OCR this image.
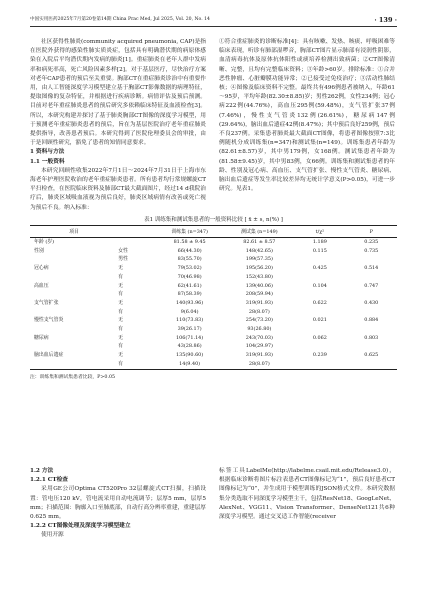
中国实用医药2025年7月第20卷第14期 China Prac Med, Jul 2025, Vol. 20, No. 14	· 139 ·

社区获得性肺炎(community acquired pneumonia, CAP)是指在医院外获得的感染性肺实质炎症，包括具有明确潜伏期的病原体感染在入院后平均潜伏期内发病的肺炎[1]。重症肺炎在老年人群中发病率和病死率高，死亡风险因素多样[2]。对于基层医疗，尽快治疗方案对老年CAP患者的预后至关重要。胸部CT在重症肺炎诊治中有重要作用，由人工智能深度学习模型建立基于胸部CT影像数据的病理特征，提取图像的复杂特征，并根据进行疾病诊断。病情评估及预后预测。目前对老年重症肺炎患者的预后研究多依赖临床特征及血液检查[3]。所以，本研究构建并探讨了基于肺炎胸部CT图像的深度学习模型，用于预测老年重症肺炎患者的预后，旨在为基层医院治疗老年重症肺炎提供指导，改善患者预后。本研究得到了医院伦理委员会的审批，由于是回顾性研究，豁免了患者的知情同意要求。

1 资料与方法

1.1 一般资料

本研究回顾性收集2022年7月1日～2024年7月31日于上海市东海老年护理医院收治的老年重症肺炎患者。所有患者均行常规螺旋CT平扫检查，在医院临床资料及肺部CT最大截面图片，经过14 d我院治疗后，肺炎区域吸血液视为预后良好，肺炎区域病情有改善或死亡视为预后不良。纳入标准：

①符合重症肺炎的诊断标准[4]：具有咳嗽、发热、咳痰、呼吸困难等临床表现，听诊有肺部湿啰音，胸部CT图片显示肺部有浸润性阴影，血清病毒抗体及原体抗体阳性或痰培养检测出致病菌；②CT图像清晰、完整，且均有完整临床资料；③年龄>60岁。排除标准：①合并恶性肿瘤、心脏瓣膜功能异常；②已接受过免疫治疗；③活动性肺结核；④图像及临床资料不完整。最终共有496例患者被纳入，年龄61～95岁，平均年龄(82.30±8.85)岁；男性262例，女性234例；冠心病222例(44.76%)，高血压295例(59.48%)，支气管扩张37例(7.46%)，慢性支气管炎132例(26.61%)，糖尿病147例(29.64%)，脑出血后遗症42例(8.47%)；其中预后良好259例，预后不良237例。采集患者肺炎最大截面CT图像，将患者图像按照7:3比例随机分成训练集(n=347)和测试集(n=149)。训练集患者年龄为(82.61±8.57)岁，其中男179例，女168例。测试集患者年龄为(81.58±9.45)岁，其中男83例，女66例。训练集和测试集患者的年龄、性别及冠心病、高血压、支气管扩张、慢性支气管炎、糖尿病、脑出血后遗症等发生率比较差异均无统计学意义(P>0.05)，可进一步研究。见表1。

表1 训练集和测试集患者的一般资料比较 [ x̄ ± s, n(%) ]
项目		训练集 (n=347)	测试集 (n=149)	t/χ²	P
年龄 (岁)		81.58 ± 9.45	82.61 ± 8.57	1.189	0.235
性别	女性	66(44.30)	148(42.65)	0.115	0.735
	男性	83(55.70)	199(57.35)		
冠心病	无	79(53.02)	195(56.20)	0.425	0.514
	有	70(46.98)	152(43.80)		
高血压	无	62(41.61)	139(40.06)	0.104	0.747
	有	87(58.39)	208(59.94)		
支气管扩张	无	140(93.96)	319(91.93)	0.622	0.430
	有	9(6.04)	28(8.07)		
慢性支气管炎	无	110(73.83)	254(73.20)	0.021	0.884
	有	39(26.17)	93(26.80)		
糖尿病	无	106(71.14)	243(70.03)	0.062	0.803
	有	43(28.86)	104(29.97)		
脑出血后遗症	无	135(90.60)	319(91.93)	0.239	0.625
	有	14(9.40)	28(8.07)		
注：训练集和测试集患者比较，P>0.05

1.2 方法

1.2.1 CT检查

采用GE公司Optima CT520Pro 32层螺旋式CT扫描，扫描设置：管电压120 kV，管电流采用自动电流调节；层厚5 mm，层厚5 mm；扫描范围：胸廓入口至肺底部，自动行高分辨率重建，重建层厚0.625 mm。

1.2.2 CT图像处理及深度学习模型建立

使用开源

标签工具LabelMe(http://labelme.csail.mit.edu/Release3.0)，根据临床诊断将图片标注表患者CT图像标记为“1”，预后良好患者CT图像标记为“0”，并生成用于模型训练的JSON格式文件。本研究数据集分类选取不同深度学习模型主干，包括ResNet18、GoogLeNet、AlexNet、VGG11、Vision Transformer、DenseNet121共6种深度学习模型。通过交叉适工作智能(receiver
